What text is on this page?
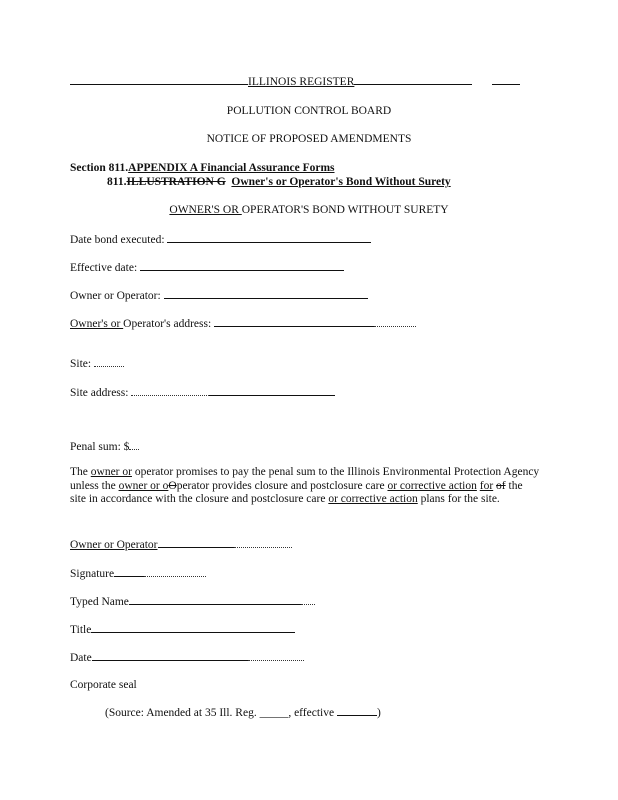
ILLINOIS REGISTER
POLLUTION CONTROL BOARD
NOTICE OF PROPOSED AMENDMENTS
Section 811.APPENDIX A Financial Assurance Forms
811.ILLUSTRATION G Owner's or Operator's Bond Without Surety
OWNER'S OR OPERATOR'S BOND WITHOUT SURETY
Date bond executed:
Effective date:
Owner or Operator:
Owner's or Operator's address:
Site:
Site address:
Penal sum: $
The owner or operator promises to pay the penal sum to the Illinois Environmental Protection Agency unless the owner or oOperator provides closure and postclosure care or corrective action for of the site in accordance with the closure and postclosure care or corrective action plans for the site.
Owner or Operator
Signature
Typed Name
Title
Date
Corporate seal
(Source: Amended at 35 Ill. Reg. _____, effective	)
